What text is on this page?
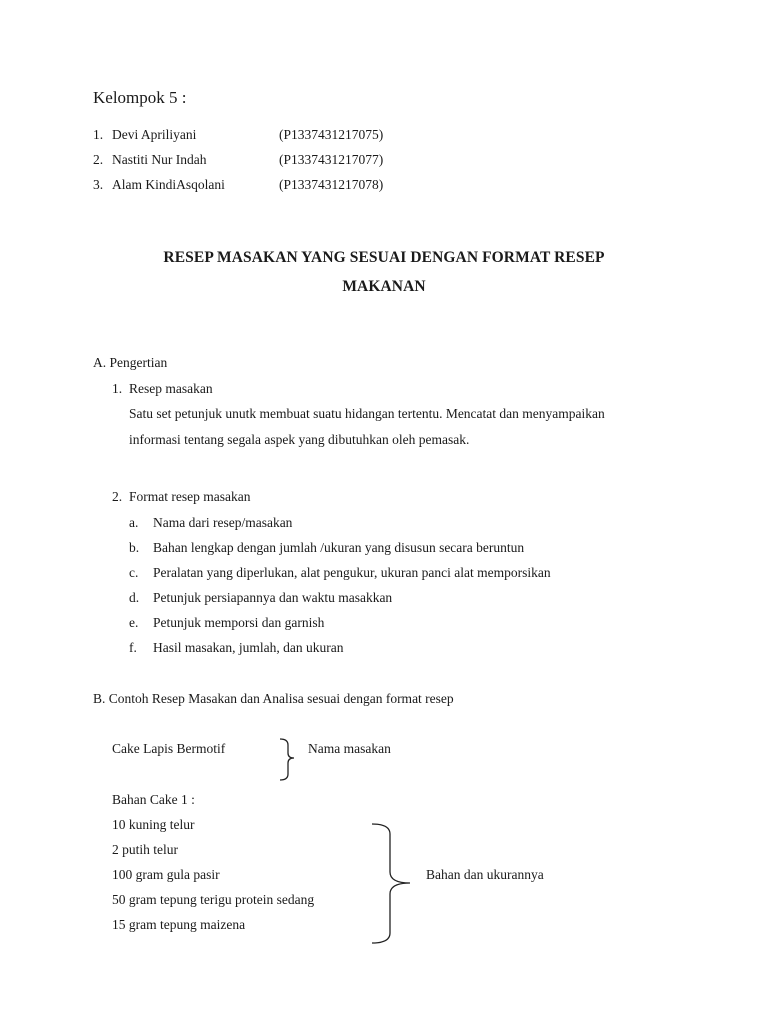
Kelompok 5 :
1. Devi Apriliyani	(P1337431217075)
2. Nastiti Nur Indah	(P1337431217077)
3. Alam KindiAsqolani	(P1337431217078)
RESEP MASAKAN YANG SESUAI DENGAN FORMAT RESEP
MAKANAN
A. Pengertian
1. Resep masakan
Satu set petunjuk unutk membuat suatu hidangan tertentu. Mencatat dan menyampaikan
informasi tentang segala aspek yang dibutuhkan oleh pemasak.
2. Format resep masakan
a. Nama dari resep/masakan
b. Bahan lengkap dengan jumlah /ukuran yang disusun secara beruntun
c. Peralatan yang diperlukan, alat pengukur, ukuran panci alat memporsikan
d. Petunjuk persiapannya dan waktu masakkan
e. Petunjuk memporsi dan garnish
f. Hasil masakan, jumlah, dan ukuran
B. Contoh Resep Masakan dan Analisa sesuai dengan format resep
Cake Lapis Bermotif	Nama masakan
Bahan Cake 1 :
10 kuning telur
2 putih telur
100 gram gula pasir
50 gram tepung terigu protein sedang
15 gram tepung maizena
Bahan dan ukurannya
